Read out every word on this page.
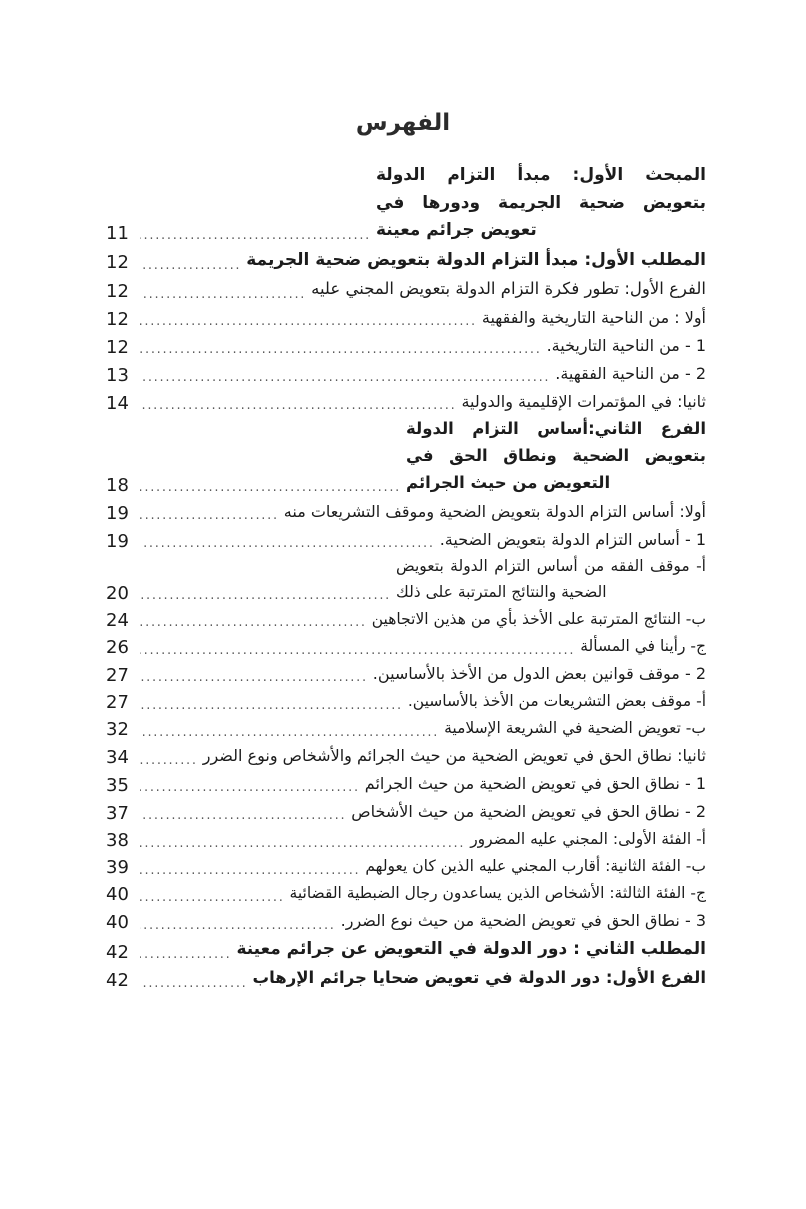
الفهرس
المبحث الأول: مبدأ التزام الدولة بتعويض ضحية الجريمة ودورها في تعويض جرائم معينة
.....
11
المطلب الأول: مبدأ التزام الدولة بتعويض ضحية الجريمة
.....
12
الفرع الأول: تطور فكرة التزام الدولة بتعويض المجني عليه
.....
12
أولا : من الناحية التاريخية والفقهية
.....
12
1 - من الناحية التاريخية.
.....
12
2 - من الناحية الفقهية.
.....
13
ثانيا: في المؤتمرات الإقليمية والدولية
.....
14
الفرع الثاني:أساس التزام الدولة بتعويض الضحية ونطاق الحق في التعويض من حيث الجرائم
.....
18
أولا: أساس التزام الدولة بتعويض الضحية وموقف التشريعات منه
.....
19
1 - أساس التزام الدولة بتعويض الضحية.
.....
19
أ- موقف الفقه من أساس التزام الدولة بتعويض الضحية والنتائج المترتبة على ذلك
.....
20
ب- النتائج المترتبة على الأخذ بأي من هذين الاتجاهين
.....
24
ج- رأينا في المسألة
.....
26
2 - موقف قوانين بعض الدول من الأخذ بالأساسين.
.....
27
أ- موقف بعض التشريعات من الأخذ بالأساسين.
.....
27
ب- تعويض الضحية في الشريعة الإسلامية
.....
32
ثانيا: نطاق الحق في تعويض الضحية من حيث الجرائم والأشخاص ونوع الضرر
.....
34
1 - نطاق الحق في تعويض الضحية من حيث الجرائم
.....
35
2 - نطاق الحق في تعويض الضحية من حيث الأشخاص
.....
37
أ- الفئة الأولى: المجني عليه المضرور
.....
38
ب- الفئة الثانية: أقارب المجني عليه الذين كان يعولهم
.....
39
ج- الفئة الثالثة: الأشخاص الذين يساعدون رجال الضبطية القضائية
.....
40
3 - نطاق الحق في تعويض الضحية من حيث نوع الضرر.
.....
40
المطلب الثاني : دور الدولة في التعويض عن جرائم معينة
.....
42
الفرع الأول: دور الدولة في تعويض ضحايا جرائم الإرهاب
.....
42
